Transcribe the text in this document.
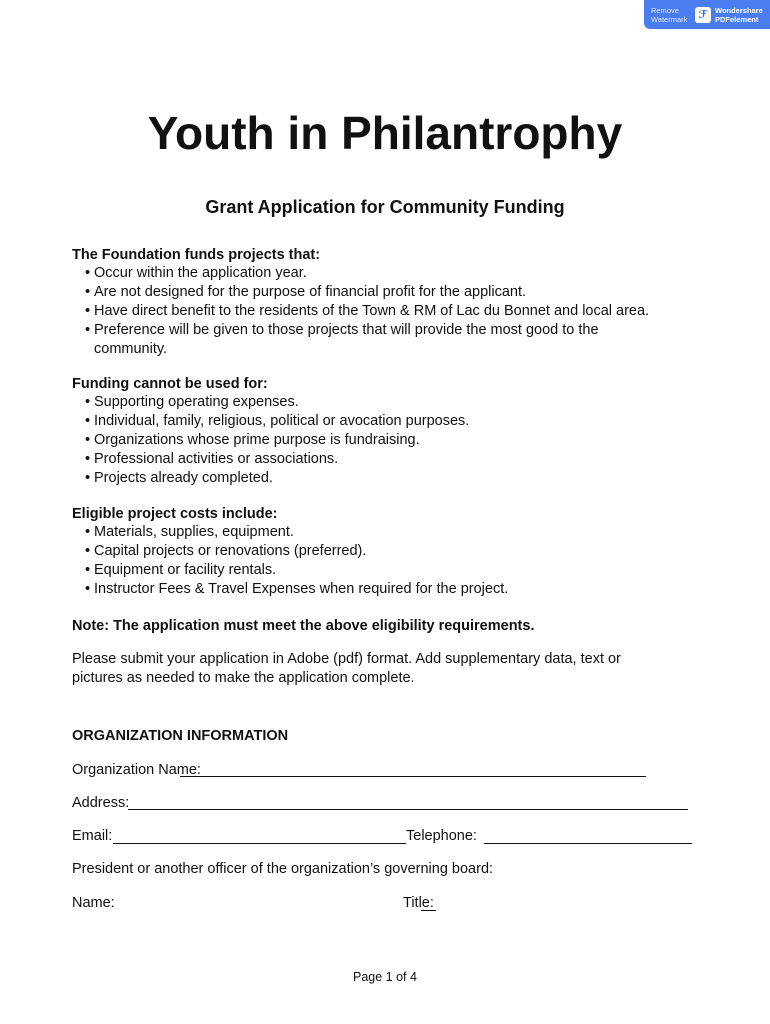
Remove
Watermark	ℱ	Wondershare
PDFelement
Youth in Philantrophy
Grant Application for Community Funding
The Foundation funds projects that:
• Occur within the application year.
• Are not designed for the purpose of financial profit for the applicant.
• Have direct benefit to the residents of the Town & RM of Lac du Bonnet and local area.
• Preference will be given to those projects that will provide the most good to the
community.
Funding cannot be used for:
• Supporting operating expenses.
• Individual, family, religious, political or avocation purposes.
• Organizations whose prime purpose is fundraising.
• Professional activities or associations.
• Projects already completed.
Eligible project costs include:
• Materials, supplies, equipment.
• Capital projects or renovations (preferred).
• Equipment or facility rentals.
• Instructor Fees & Travel Expenses when required for the project.
Note: The application must meet the above eligibility requirements.
Please submit your application in Adobe (pdf) format. Add supplementary data, text or
pictures as needed to make the application complete.
ORGANIZATION INFORMATION
Organization Name:
Address:
Email:	Telephone:
President or another officer of the organization’s governing board:
Name:	Title:
Page 1 of 4
